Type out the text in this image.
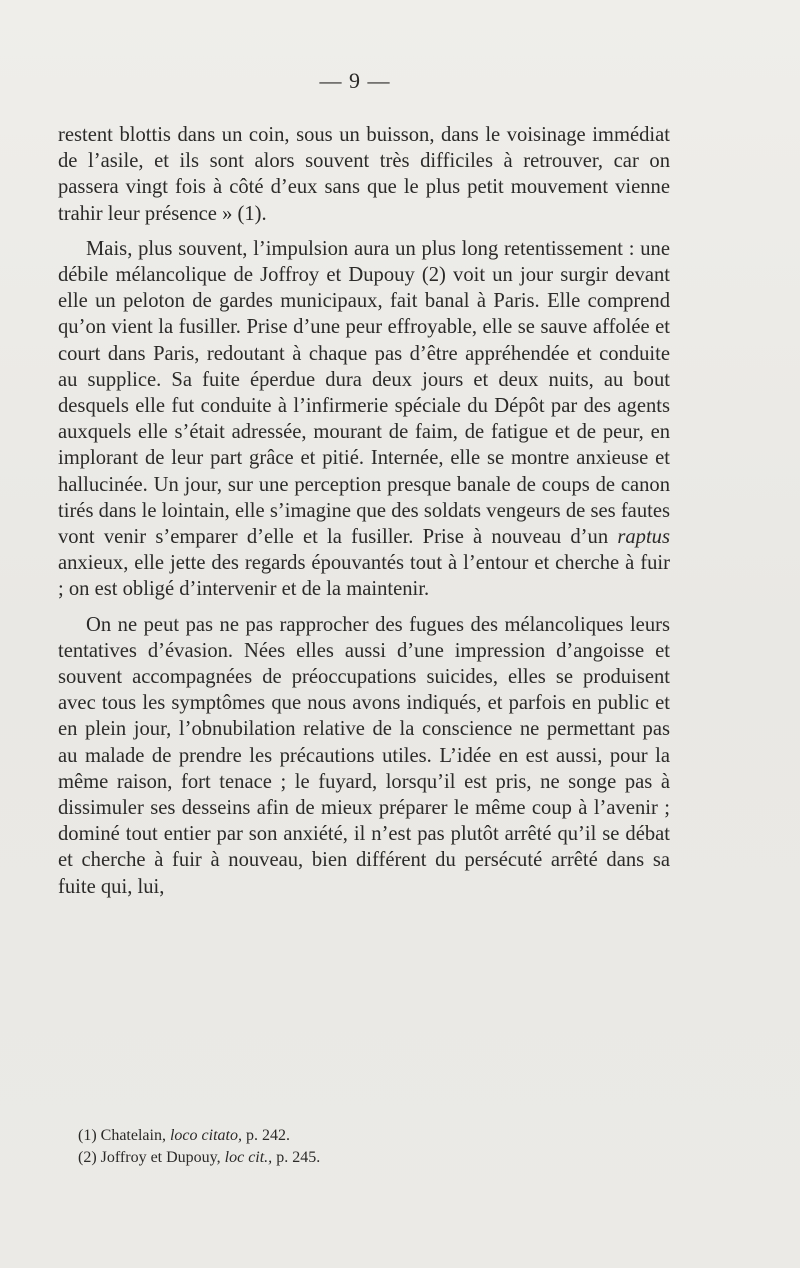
— 9 —

restent blottis dans un coin, sous un buisson, dans le voisinage immédiat de l’asile, et ils sont alors souvent très difficiles à retrouver, car on passera vingt fois à côté d’eux sans que le plus petit mouvement vienne trahir leur présence » (1).

Mais, plus souvent, l’impulsion aura un plus long retentissement : une débile mélancolique de Joffroy et Dupouy (2) voit un jour surgir devant elle un peloton de gardes municipaux, fait banal à Paris. Elle comprend qu’on vient la fusiller. Prise d’une peur effroyable, elle se sauve affolée et court dans Paris, redoutant à chaque pas d’être appréhendée et conduite au supplice. Sa fuite éperdue dura deux jours et deux nuits, au bout desquels elle fut conduite à l’infirmerie spéciale du Dépôt par des agents auxquels elle s’était adressée, mourant de faim, de fatigue et de peur, en implorant de leur part grâce et pitié. Internée, elle se montre anxieuse et hallucinée. Un jour, sur une perception presque banale de coups de canon tirés dans le lointain, elle s’imagine que des soldats vengeurs de ses fautes vont venir s’emparer d’elle et la fusiller. Prise à nouveau d’un raptus anxieux, elle jette des regards épouvantés tout à l’entour et cherche à fuir ; on est obligé d’intervenir et de la maintenir.

On ne peut pas ne pas rapprocher des fugues des mélancoliques leurs tentatives d’évasion. Nées elles aussi d’une impression d’angoisse et souvent accompagnées de préoccupations suicides, elles se produisent avec tous les symptômes que nous avons indiqués, et parfois en public et en plein jour, l’obnubilation relative de la conscience ne permettant pas au malade de prendre les précautions utiles. L’idée en est aussi, pour la même raison, fort tenace ; le fuyard, lorsqu’il est pris, ne songe pas à dissimuler ses desseins afin de mieux préparer le même coup à l’avenir ; dominé tout entier par son anxiété, il n’est pas plutôt arrêté qu’il se débat et cherche à fuir à nouveau, bien différent du persécuté arrêté dans sa fuite qui, lui,

(1) Chatelain, loco citato, p. 242.
(2) Joffroy et Dupouy, loc cit., p. 245.
